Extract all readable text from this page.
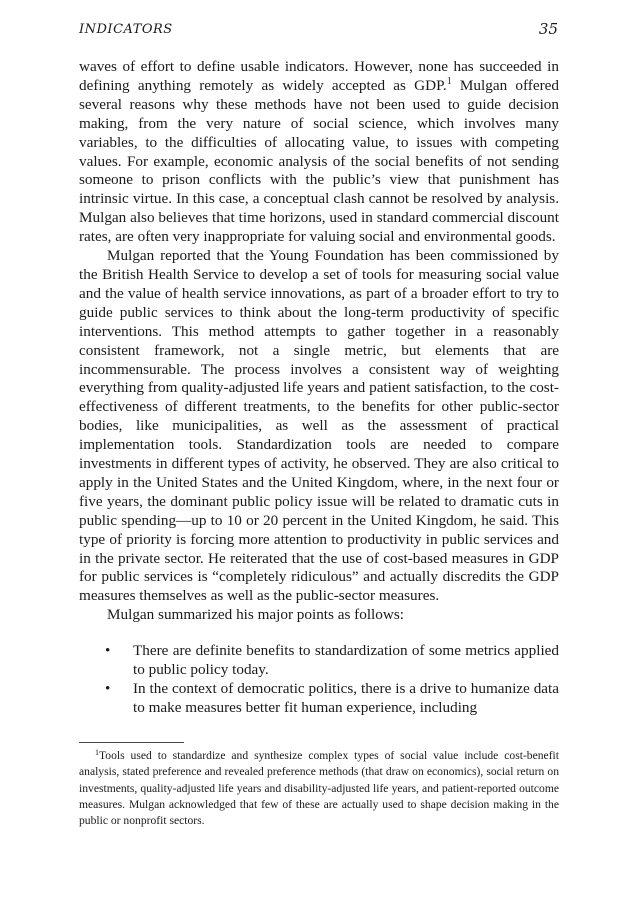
INDICATORS	35

waves of effort to define usable indicators. However, none has succeeded in defining anything remotely as widely accepted as GDP.$^1$ Mulgan offered several reasons why these methods have not been used to guide decision making, from the very nature of social science, which involves many variables, to the difficulties of allocating value, to issues with competing values. For example, economic analysis of the social benefits of not sending someone to prison conflicts with the public’s view that punishment has intrinsic virtue. In this case, a conceptual clash cannot be resolved by analysis. Mulgan also believes that time horizons, used in standard commercial discount rates, are often very inappropriate for valuing social and environmental goods.

Mulgan reported that the Young Foundation has been commissioned by the British Health Service to develop a set of tools for measuring social value and the value of health service innovations, as part of a broader effort to try to guide public services to think about the long-term productivity of specific interventions. This method attempts to gather together in a reasonably consistent framework, not a single metric, but elements that are incommensurable. The process involves a consistent way of weighting everything from quality-adjusted life years and patient satisfaction, to the cost-effectiveness of different treatments, to the benefits for other public-sector bodies, like municipalities, as well as the assessment of practical implementation tools. Standardization tools are needed to compare investments in different types of activity, he observed. They are also critical to apply in the United States and the United Kingdom, where, in the next four or five years, the dominant public policy issue will be related to dramatic cuts in public spending—up to 10 or 20 percent in the United Kingdom, he said. This type of priority is forcing more attention to productivity in public services and in the private sector. He reiterated that the use of cost-based measures in GDP for public services is “completely ridiculous” and actually discredits the GDP measures themselves as well as the public-sector measures.

Mulgan summarized his major points as follows:

• There are definite benefits to standardization of some metrics applied to public policy today.
• In the context of democratic politics, there is a drive to humanize data to make measures better fit human experience, including

$^1$Tools used to standardize and synthesize complex types of social value include cost-benefit analysis, stated preference and revealed preference methods (that draw on economics), social return on investments, quality-adjusted life years and disability-adjusted life years, and patient-reported outcome measures. Mulgan acknowledged that few of these are actually used to shape decision making in the public or nonprofit sectors.
